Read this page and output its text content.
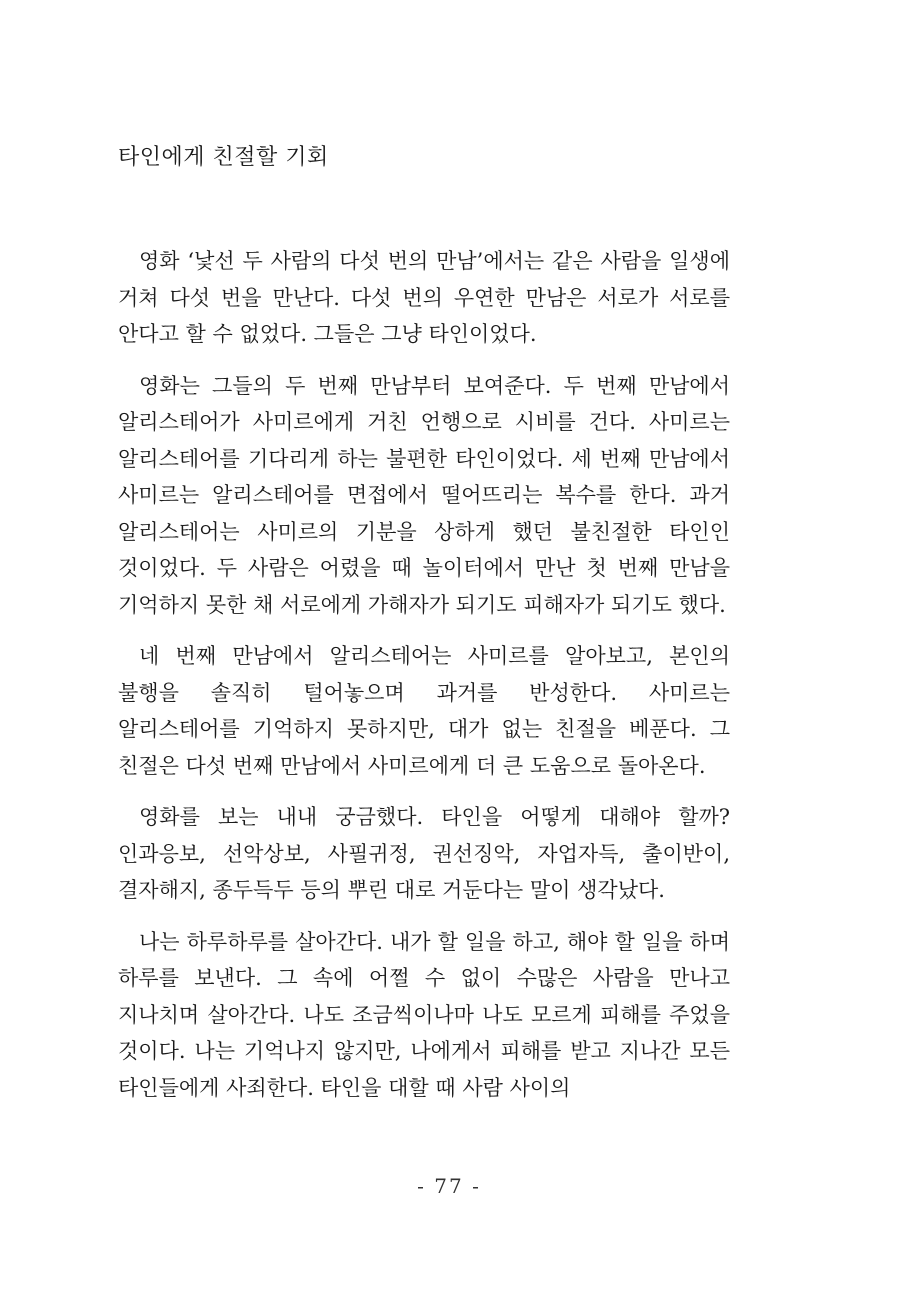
타인에게 친절할 기회

영화 ‘낯선 두 사람의 다섯 번의 만남’에서는 같은 사람을 일생에 거쳐 다섯 번을 만난다. 다섯 번의 우연한 만남은 서로가 서로를 안다고 할 수 없었다. 그들은 그냥 타인이었다.

영화는 그들의 두 번째 만남부터 보여준다. 두 번째 만남에서 알리스테어가 사미르에게 거친 언행으로 시비를 건다. 사미르는 알리스테어를 기다리게 하는 불편한 타인이었다. 세 번째 만남에서 사미르는 알리스테어를 면접에서 떨어뜨리는 복수를 한다. 과거 알리스테어는 사미르의 기분을 상하게 했던 불친절한 타인인 것이었다. 두 사람은 어렸을 때 놀이터에서 만난 첫 번째 만남을 기억하지 못한 채 서로에게 가해자가 되기도 피해자가 되기도 했다.

네 번째 만남에서 알리스테어는 사미르를 알아보고, 본인의 불행을 솔직히 털어놓으며 과거를 반성한다. 사미르는 알리스테어를 기억하지 못하지만, 대가 없는 친절을 베푼다. 그 친절은 다섯 번째 만남에서 사미르에게 더 큰 도움으로 돌아온다.

영화를 보는 내내 궁금했다. 타인을 어떻게 대해야 할까? 인과응보, 선악상보, 사필귀정, 권선징악, 자업자득, 출이반이, 결자해지, 종두득두 등의 뿌린 대로 거둔다는 말이 생각났다.

나는 하루하루를 살아간다. 내가 할 일을 하고, 해야 할 일을 하며 하루를 보낸다. 그 속에 어쩔 수 없이 수많은 사람을 만나고 지나치며 살아간다. 나도 조금씩이나마 나도 모르게 피해를 주었을 것이다. 나는 기억나지 않지만, 나에게서 피해를 받고 지나간 모든 타인들에게 사죄한다. 타인을 대할 때 사람 사이의

- 77 -
